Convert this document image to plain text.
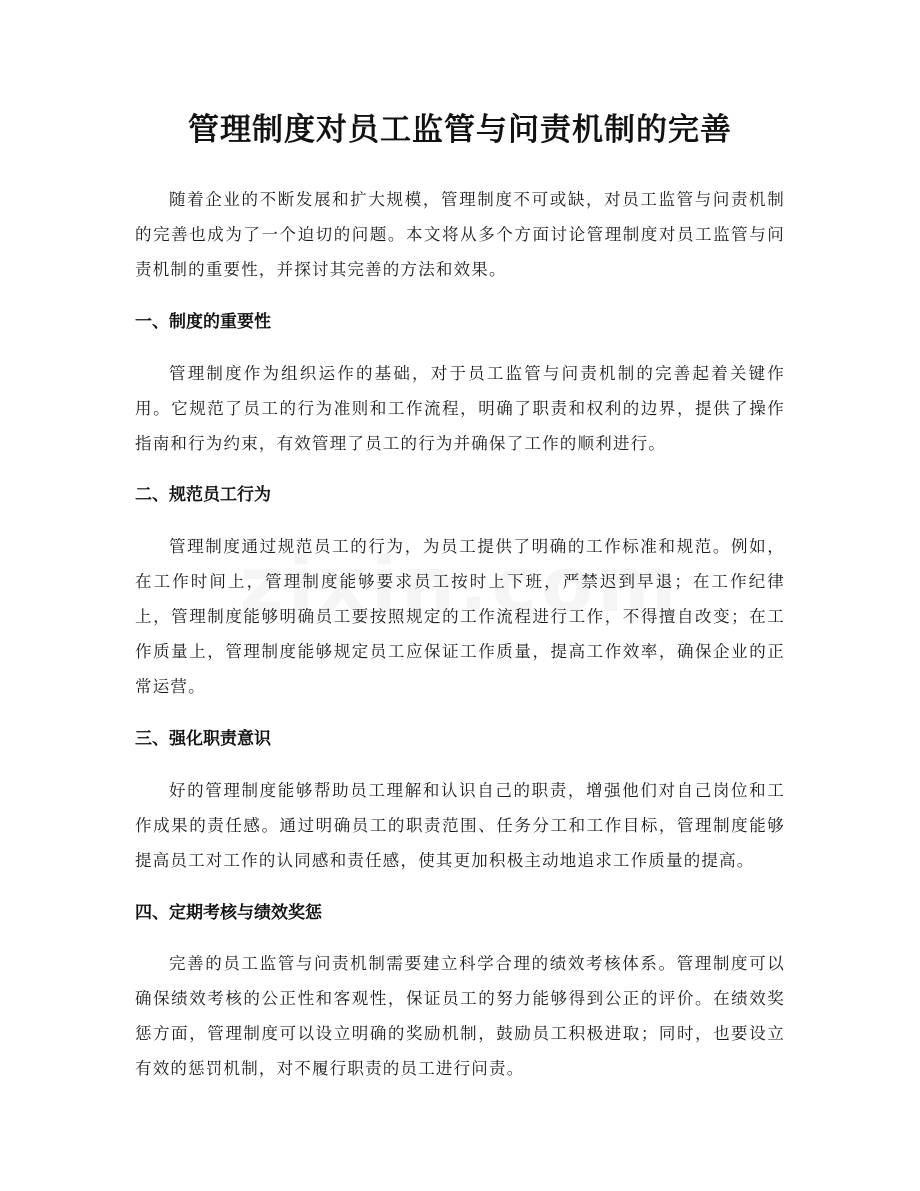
管理制度对员工监管与问责机制的完善

随着企业的不断发展和扩大规模，管理制度不可或缺，对员工监管与问责机制的完善也成为了一个迫切的问题。本文将从多个方面讨论管理制度对员工监管与问责机制的重要性，并探讨其完善的方法和效果。

一、制度的重要性

管理制度作为组织运作的基础，对于员工监管与问责机制的完善起着关键作用。它规范了员工的行为准则和工作流程，明确了职责和权利的边界，提供了操作指南和行为约束，有效管理了员工的行为并确保了工作的顺利进行。

二、规范员工行为

管理制度通过规范员工的行为，为员工提供了明确的工作标准和规范。例如，在工作时间上，管理制度能够要求员工按时上下班，严禁迟到早退；在工作纪律上，管理制度能够明确员工要按照规定的工作流程进行工作，不得擅自改变；在工作质量上，管理制度能够规定员工应保证工作质量，提高工作效率，确保企业的正常运营。

三、强化职责意识

好的管理制度能够帮助员工理解和认识自己的职责，增强他们对自己岗位和工作成果的责任感。通过明确员工的职责范围、任务分工和工作目标，管理制度能够提高员工对工作的认同感和责任感，使其更加积极主动地追求工作质量的提高。

四、定期考核与绩效奖惩

完善的员工监管与问责机制需要建立科学合理的绩效考核体系。管理制度可以确保绩效考核的公正性和客观性，保证员工的努力能够得到公正的评价。在绩效奖惩方面，管理制度可以设立明确的奖励机制，鼓励员工积极进取；同时，也要设立有效的惩罚机制，对不履行职责的员工进行问责。
